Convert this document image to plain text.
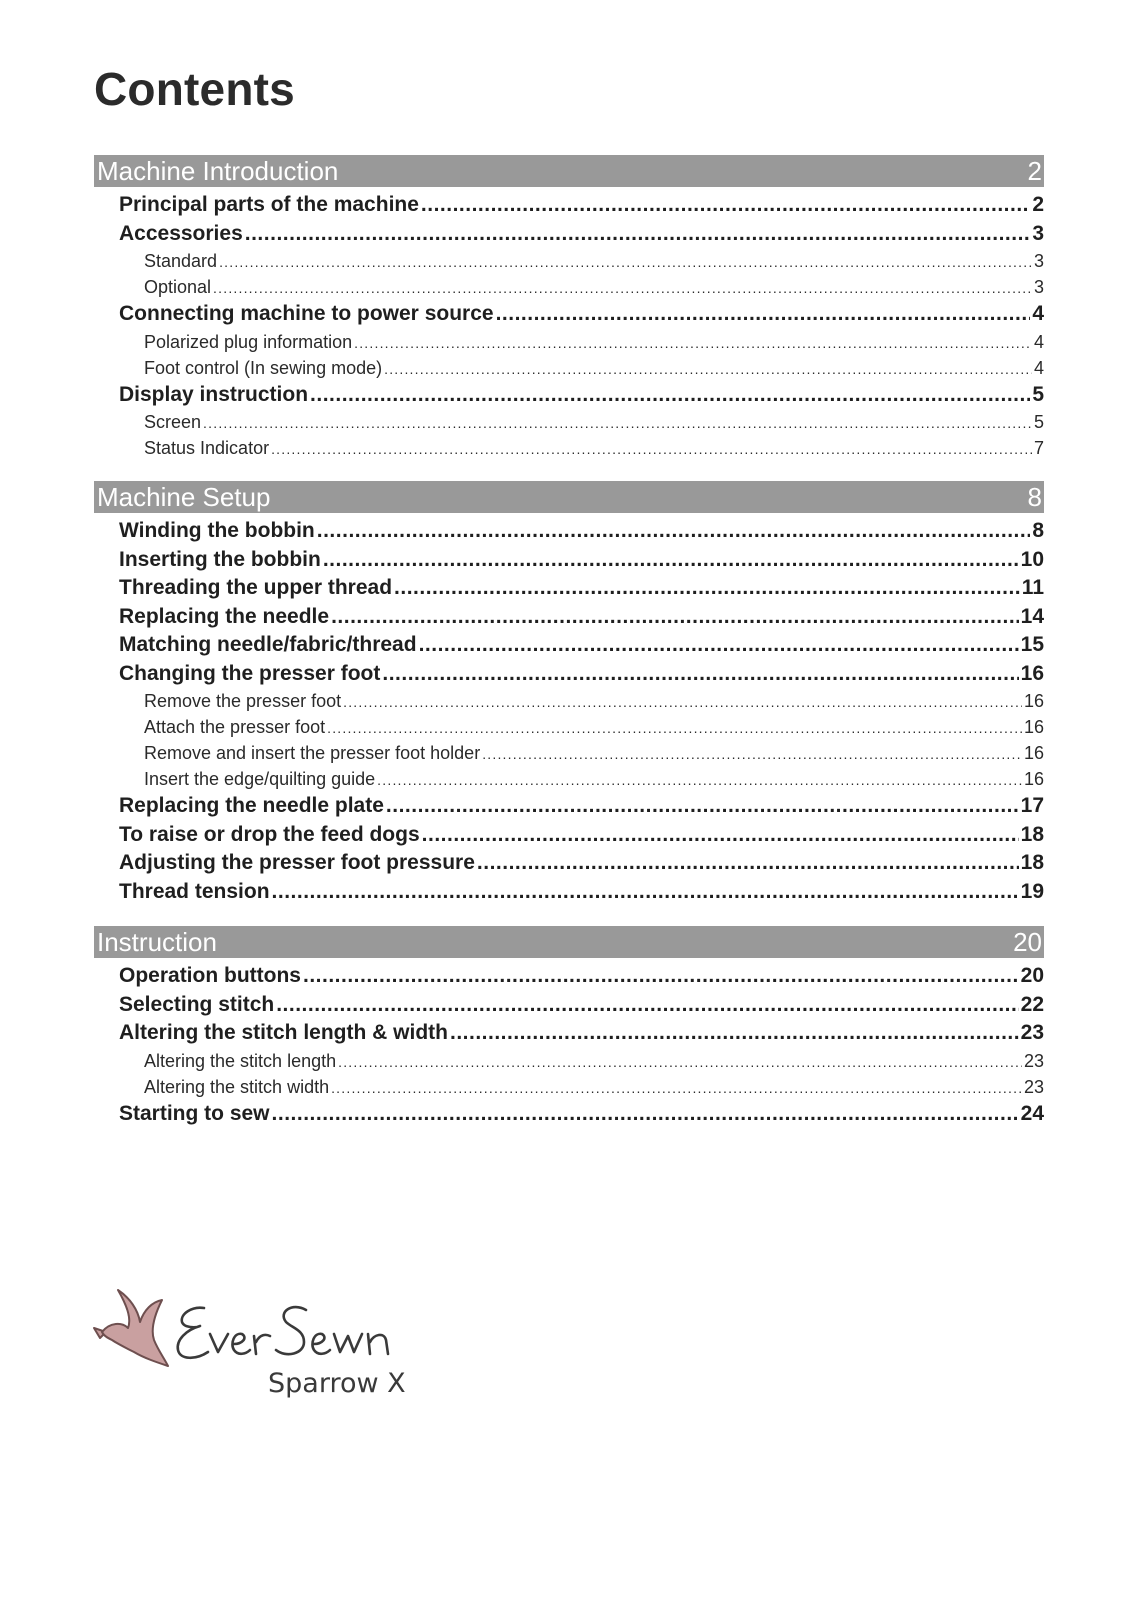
Contents
Machine Introduction	2
Principal parts of the machine .....	2
Accessories .....	3
Standard .....	3
Optional .....	3
Connecting machine to power source .....	4
Polarized plug information .....	4
Foot control (In sewing mode) .....	4
Display instruction .....	5
Screen .....	5
Status Indicator .....	7
Machine Setup	8
Winding the bobbin .....	8
Inserting the bobbin .....	10
Threading the upper thread .....	11
Replacing the needle .....	14
Matching needle/fabric/thread .....	15
Changing the presser foot .....	16
Remove the presser foot .....	16
Attach the presser foot .....	16
Remove and insert the presser foot holder .....	16
Insert the edge/quilting guide .....	16
Replacing the needle plate .....	17
To raise or drop the feed dogs .....	18
Adjusting the presser foot pressure .....	18
Thread tension .....	19
Instruction	20
Operation buttons .....	20
Selecting stitch .....	22
Altering the stitch length & width .....	23
Altering the stitch length .....	23
Altering the stitch width .....	23
Starting to sew .....	24
Sparrow X
